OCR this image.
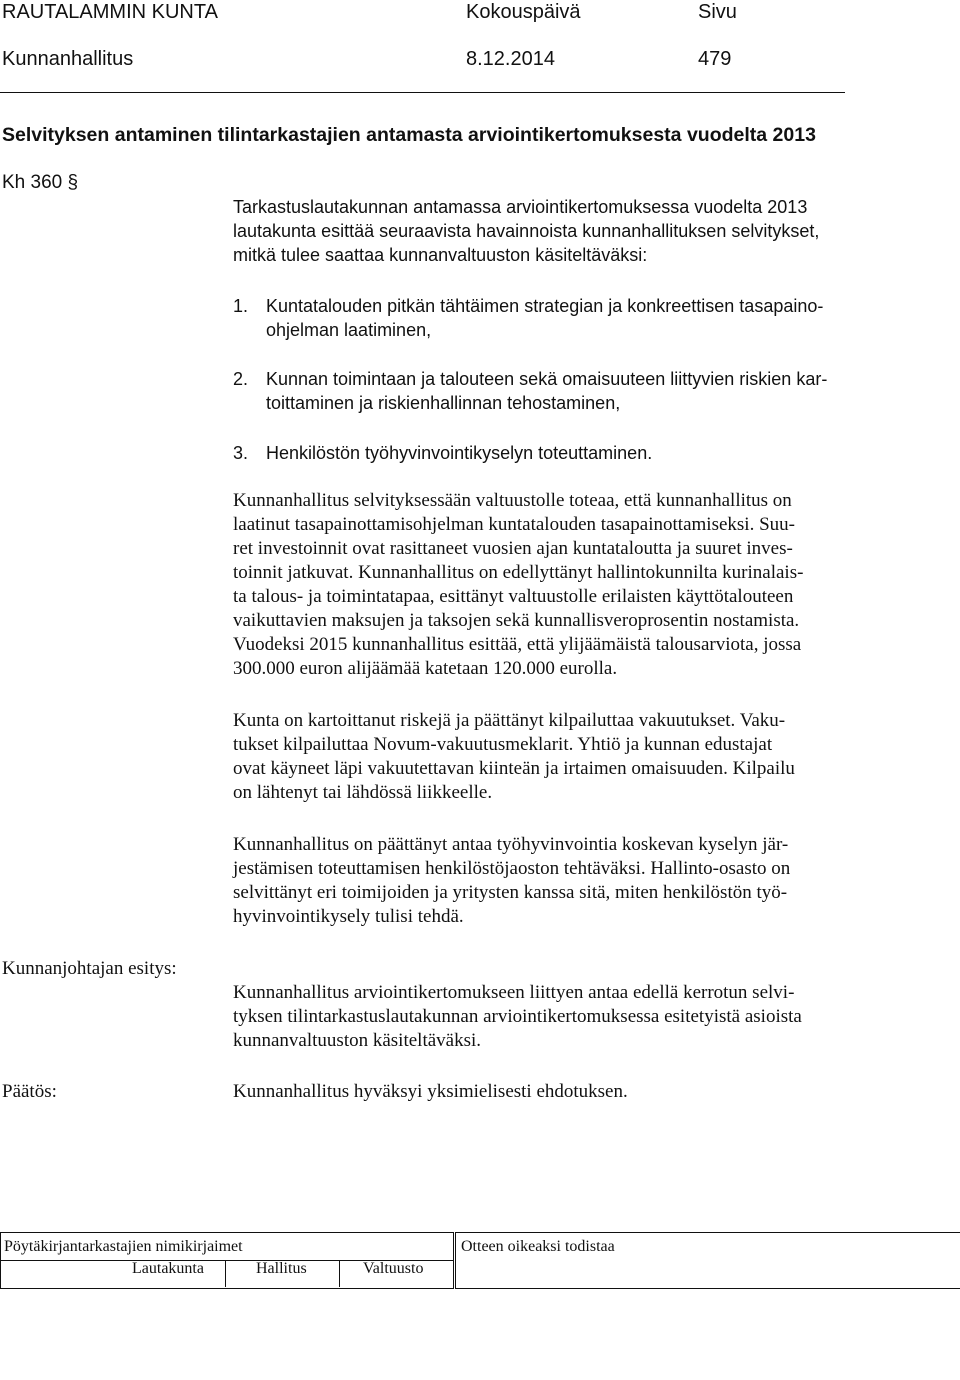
RAUTALAMMIN KUNTA	Kokouspäivä	Sivu
Kunnanhallitus	8.12.2014	479
Selvityksen antaminen tilintarkastajien antamasta arviointikertomuksesta vuodelta 2013
Kh 360 §
Tarkastuslautakunnan antamassa arviointikertomuksessa vuodelta 2013
lautakunta esittää seuraavista havainnoista kunnanhallituksen selvitykset,
mitkä tulee saattaa kunnanvaltuuston käsiteltäväksi:
1. Kuntatalouden pitkän tähtäimen strategian ja konkreettisen tasapaino-
ohjelman laatiminen,
2. Kunnan toimintaan ja talouteen sekä omaisuuteen liittyvien riskien kar-
toittaminen ja riskienhallinnan tehostaminen,
3. Henkilöstön työhyvinvointikyselyn toteuttaminen.
Kunnanhallitus selvityksessään valtuustolle toteaa, että kunnanhallitus on
laatinut tasapainottamisohjelman kuntatalouden tasapainottamiseksi. Suu-
ret investoinnit ovat rasittaneet vuosien ajan kuntataloutta ja suuret inves-
toinnit jatkuvat. Kunnanhallitus on edellyttänyt hallintokunnilta kurinalais-
ta talous- ja toimintatapaa, esittänyt valtuustolle erilaisten käyttötalouteen
vaikuttavien maksujen ja taksojen sekä kunnallisveroprosentin nostamista.
Vuodeksi 2015 kunnanhallitus esittää, että ylijäämäistä talousarviota, jossa
300.000 euron alijäämää katetaan 120.000 eurolla.
Kunta on kartoittanut riskejä ja päättänyt kilpailuttaa vakuutukset. Vaku-
tukset kilpailuttaa Novum-vakuutusmeklarit. Yhtiö ja kunnan edustajat
ovat käyneet läpi vakuutettavan kiinteän ja irtaimen omaisuuden. Kilpailu
on lähtenyt tai lähdössä liikkeelle.
Kunnanhallitus on päättänyt antaa työhyvinvointia koskevan kyselyn jär-
jestämisen toteuttamisen henkilöstöjaoston tehtäväksi. Hallinto-osasto on
selvittänyt eri toimijoiden ja yritysten kanssa sitä, miten henkilöstön työ-
hyvinvointikysely tulisi tehdä.
Kunnanjohtajan esitys:
Kunnanhallitus arviointikertomukseen liittyen antaa edellä kerrotun selvi-
tyksen tilintarkastuslautakunnan arviointikertomuksessa esitetyistä asioista
kunnanvaltuuston käsiteltäväksi.
Päätös:	Kunnanhallitus hyväksyi yksimielisesti ehdotuksen.
Pöytäkirjantarkastajien nimikirjaimet
Lautakunta	Hallitus	Valtuusto
Otteen oikeaksi todistaa
